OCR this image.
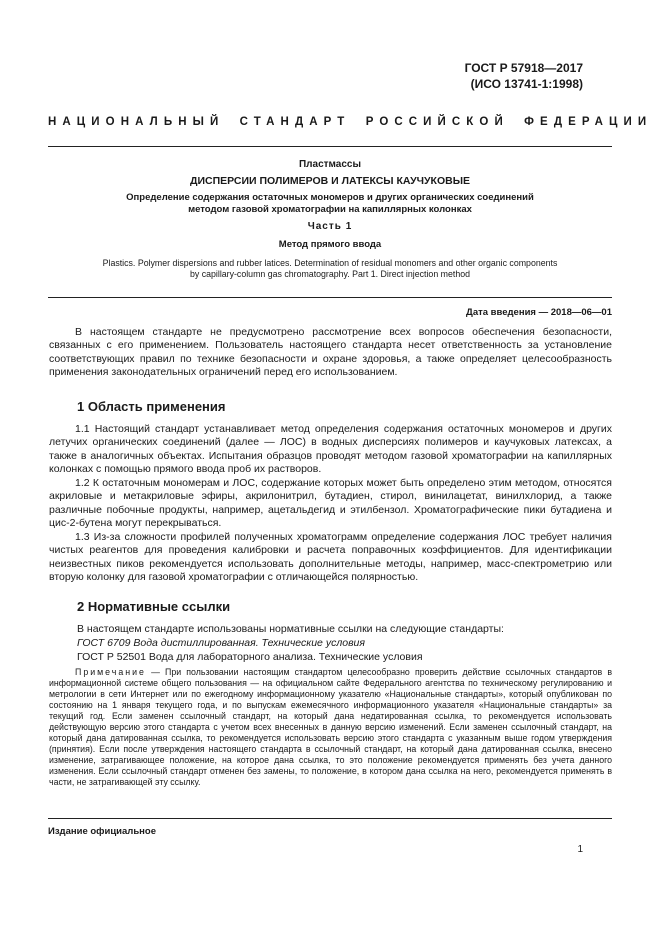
ГОСТ Р 57918—2017
(ИСО 13741-1:1998)
НАЦИОНАЛЬНЫЙ СТАНДАРТ РОССИЙСКОЙ ФЕДЕРАЦИИ
Пластмассы
ДИСПЕРСИИ ПОЛИМЕРОВ И ЛАТЕКСЫ КАУЧУКОВЫЕ
Определение содержания остаточных мономеров и других органических соединений
методом газовой хроматографии на капиллярных колонках
Часть 1
Метод прямого ввода
Plastics. Polymer dispersions and rubber latices. Determination of residual monomers and other organic components
by capillary-column gas chromatography. Part 1. Direct injection method
Дата введения — 2018—06—01

В настоящем стандарте не предусмотрено рассмотрение всех вопросов обеспечения безопасности, связанных с его применением. Пользователь настоящего стандарта несет ответственность за установление соответствующих правил по технике безопасности и охране здоровья, а также определяет целесообразность применения законодательных ограничений перед его использованием.

1 Область применения

1.1 Настоящий стандарт устанавливает метод определения содержания остаточных мономеров и других летучих органических соединений (далее — ЛОС) в водных дисперсиях полимеров и каучуковых латексах, а также в аналогичных объектах. Испытания образцов проводят методом газовой хроматографии на капиллярных колонках с помощью прямого ввода проб их растворов.

1.2 К остаточным мономерам и ЛОС, содержание которых может быть определено этим методом, относятся акриловые и метакриловые эфиры, акрилонитрил, бутадиен, стирол, винилацетат, винилхлорид, а также различные побочные продукты, например, ацетальдегид и этилбензол. Хроматографические пики бутадиена и цис-2-бутена могут перекрываться.

1.3 Из-за сложности профилей полученных хроматограмм определение содержания ЛОС требует наличия чистых реагентов для проведения калибровки и расчета поправочных коэффициентов. Для идентификации неизвестных пиков рекомендуется использовать дополнительные методы, например, масс-спектрометрию или вторую колонку для газовой хроматографии с отличающейся полярностью.

2 Нормативные ссылки
В настоящем стандарте использованы нормативные ссылки на следующие стандарты:
ГОСТ 6709 Вода дистиллированная. Технические условия
ГОСТ Р 52501 Вода для лабораторного анализа. Технические условия

Примечание — При пользовании настоящим стандартом целесообразно проверить действие ссылочных стандартов в информационной системе общего пользования — на официальном сайте Федерального агентства по техническому регулированию и метрологии в сети Интернет или по ежегодному информационному указателю «Национальные стандарты», который опубликован по состоянию на 1 января текущего года, и по выпускам ежемесячного информационного указателя «Национальные стандарты» за текущий год. Если заменен ссылочный стандарт, на который дана недатированная ссылка, то рекомендуется использовать действующую версию этого стандарта с учетом всех внесенных в данную версию изменений. Если заменен ссылочный стандарт, на который дана датированная ссылка, то рекомендуется использовать версию этого стандарта с указанным выше годом утверждения (принятия). Если после утверждения настоящего стандарта в ссылочный стандарт, на который дана датированная ссылка, внесено изменение, затрагивающее положение, на которое дана ссылка, то это положение рекомендуется применять без учета данного изменения. Если ссылочный стандарт отменен без замены, то положение, в котором дана ссылка на него, рекомендуется применять в части, не затрагивающей эту ссылку.

Издание официальное
1
